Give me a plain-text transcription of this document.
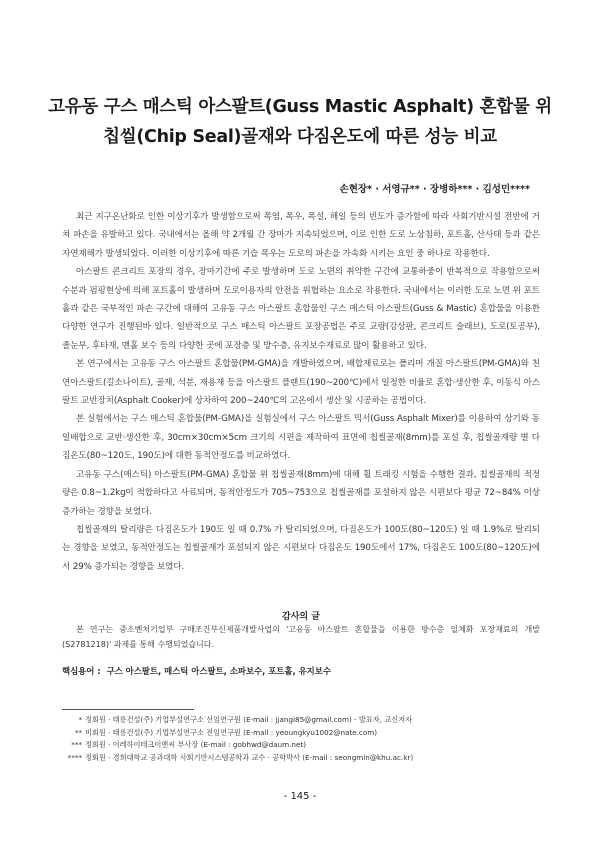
고유동 구스 매스틱 아스팔트(Guss Mastic Asphalt) 혼합물 위
칩씰(Chip Seal)골재와 다짐온도에 따른 성능 비교
손현장* · 서영규** · 장병하*** · 김성민****

최근 지구온난화로 인한 이상기후가 발생함으로써 폭염, 폭우, 폭설, 해일 등의 빈도가 증가함에 따라 사회기반시설 전반에 거쳐 파손을 유발하고 있다. 국내에서는 올해 약 2개월 간 장마가 지속되었으며, 이로 인한 도로 노상침하, 포트홀, 산사태 등과 같은 자연재해가 발생되었다. 이러한 이상기후에 따른 기습 폭우는 도로의 파손을 가속화 시키는 요인 중 하나로 작용한다.

아스팔트 콘크리트 포장의 경우, 장마기간에 주로 발생하며 도로 노면의 취약한 구간에 교통하중이 반복적으로 작용함으로써 수분과 펌핑현상에 의해 포트홀이 발생하며 도로이용자의 안전을 위협하는 요소로 작용한다. 국내에서는 이러한 도로 노면 위 포트홀과 같은 국부적인 파손 구간에 대해여 고유동 구스 아스팔트 혼합물인 구스 매스틱 아스팔트(Guss & Mastic) 혼합물을 이용한 다양한 연구가 진행된바 있다. 일반적으로 구스 매스틱 아스팔트 포장공법은 주로 교량(강상판, 콘크리트 슬래브), 도로(토공부), 졸눈부, 후타재, 맨홀 보수 등의 다양한 곳에 포장층 및 방수층, 유지보수재료로 많이 활용하고 있다.

본 연구에서는 고유동 구스 아스팔트 혼합물(PM-GMA)을 개발하였으며, 배합재료로는 폴리머 개질 아스팔트(PM-GMA)와 천연아스팔트(길소나이트), 골재, 석분, 재용재 등을 아스팔트 플랜트(190~200℃)에서 일정한 비율로 혼합·생산한 후, 이동식 아스팔트 교반장치(Asphalt Cooker)에 상차하여 200~240℃의 고온에서 생산 및 시공하는 공법이다.

본 실험에서는 구스 매스틱 혼합물(PM-GMA)을 실험실에서 구스 아스팔트 믹서(Guss Asphalt Mixer)를 이용하여 상기와 동일배합으로 교반·생산한 후, 30cm×30cm×5cm 크기의 시편을 제작하여 표면에 칩씰골재(8mm)를 포설 후, 칩씰골재량 별 다짐온도(80~120도, 190도)에 대한 동적안정도를 비교하였다.

고유동 구스(매스틱) 아스팔트(PM-GMA) 혼합물 위 칩씰골재(8mm)에 대해 휠 트래킹 시험을 수행한 결과, 칩씰골재의 적정량은 0.8~1.2kg이 적합하다고 사료되며, 동적안정도가 705~753으로 칩씰골재를 포설하지 않은 시편보다 평균 72~84% 이상 증가하는 경향을 보였다.

칩씰골재의 탈리량은 다짐온도가 190도 일 때 0.7% 가 탈리되었으며, 다짐온도가 100도(80~120도) 일 때 1.9%로 탈리되는 경향을 보였고, 동적안정도는 칩씰골재가 포설되지 않은 시편보다 다짐온도 190도에서 17%, 다짐온도 100도(80~120도)에서 29% 증가되는 경향을 보였다.

감사의 글
본 연구는 중소벤처기업부 구매조건부신제품개발사업의 '고유동 아스팔트 혼합물을 이용한 방수층 일체화 포장재료의 개발(S2781218)' 과제를 통해 수행되었습니다.
핵심용어 : 구스 아스팔트, 매스틱 아스팔트, 소파보수, 포트홀, 유지보수
* 정회원 · 태릉건설(주) 기업부설연구소 선임연구원 (E-mail : jjangi85@gmail.com) - 발표자, 교신저자
** 비회원 · 태릉건설(주) 기업부설연구소 전임연구원 (E-mail : yeoungkyu1002@nate.com)
*** 정회원 · 이레하이테크이앤씨 부사장 (E-mail : gobhwd@daum.net)
**** 정회원 · 경희대학교 공과대학 사회기반시스템공학과 교수 · 공학박사 (E-mail : seongmin@khu.ac.kr)
- 145 -
